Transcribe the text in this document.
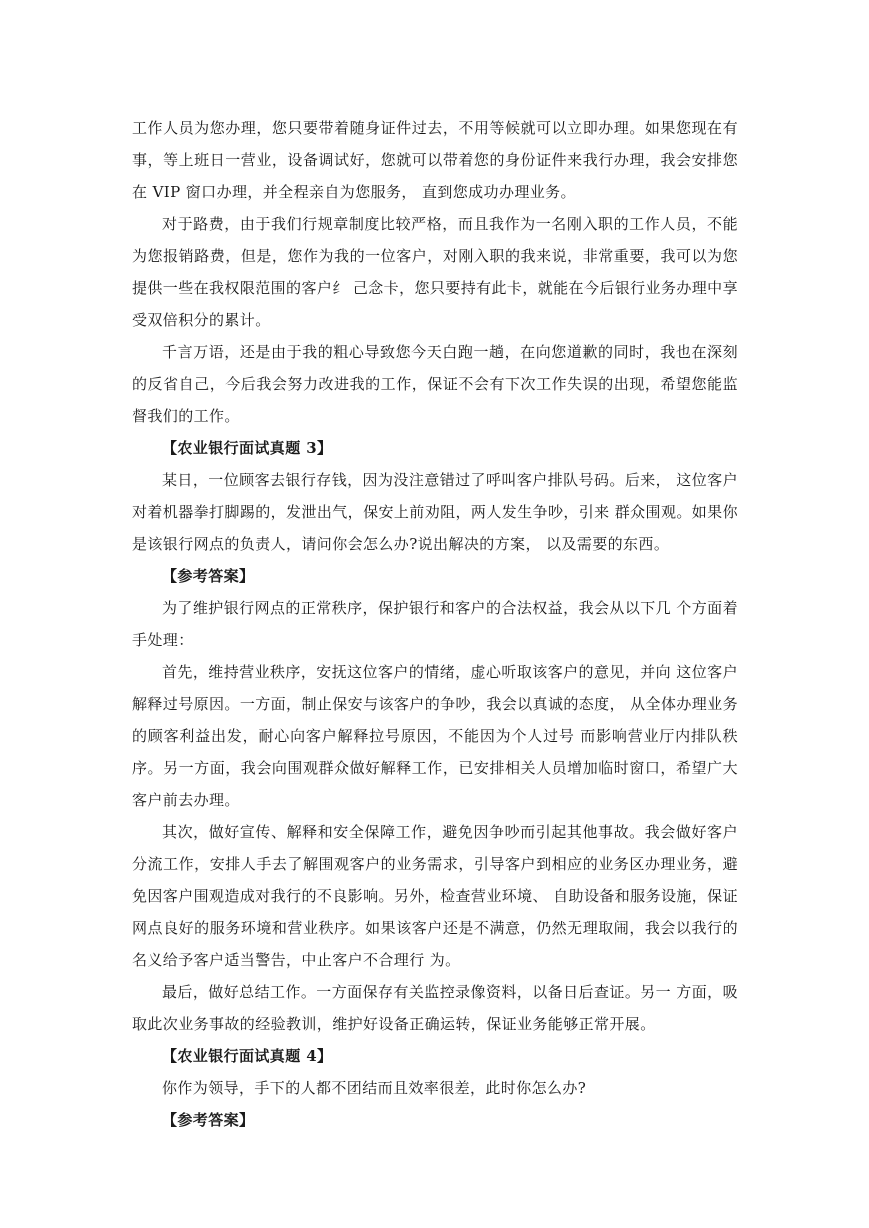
工作人员为您办理，您只要带着随身证件过去，不用等候就可以立即办理。如果您现在有事，等上班日一营业，设备调试好，您就可以带着您的身份证件来我行办理，我会安排您在 VIP 窗口办理，并全程亲自为您服务， 直到您成功办理业务。

对于路费，由于我们行规章制度比较严格，而且我作为一名刚入职的工作人员，不能为您报销路费，但是，您作为我的一位客户，对刚入职的我来说，非常重要，我可以为您提供一些在我权限范围的客户纟 己念卡，您只要持有此卡，就能在今后银行业务办理中享受双倍积分的累计。

千言万语，还是由于我的粗心导致您今天白跑一趟，在向您道歉的同时，我也在深刻的反省自己，今后我会努力改进我的工作，保证不会有下次工作失误的出现，希望您能监督我们的工作。

【农业银行面试真题 3】

某日，一位顾客去银行存钱，因为没注意错过了呼叫客户排队号码。后来， 这位客户对着机器拳打脚踢的，发泄出气，保安上前劝阻，两人发生争吵，引来 群众围观。如果你是该银行网点的负责人，请问你会怎么办?说出解决的方案， 以及需要的东西。

【参考答案】

为了维护银行网点的正常秩序，保护银行和客户的合法权益，我会从以下几 个方面着手处理：

首先，维持营业秩序，安抚这位客户的情绪，虚心听取该客户的意见，并向 这位客户解释过号原因。一方面，制止保安与该客户的争吵，我会以真诚的态度， 从全体办理业务的顾客利益出发，耐心向客户解释拉号原因，不能因为个人过号 而影响营业厅内排队秩序。另一方面，我会向围观群众做好解释工作，已安排相关人员增加临时窗口，希望广大客户前去办理。

其次，做好宣传、解释和安全保障工作，避免因争吵而引起其他事故。我会做好客户分流工作，安排人手去了解围观客户的业务需求，引导客户到相应的业务区办理业务，避免因客户围观造成对我行的不良影响。另外，检查营业环境、 自助设备和服务设施，保证网点良好的服务环境和营业秩序。如果该客户还是不满意，仍然无理取闹，我会以我行的名义给予客户适当警告，中止客户不合理行 为。

最后，做好总结工作。一方面保存有关监控录像资料，以备日后查证。另一 方面，吸取此次业务事故的经验教训，维护好设备正确运转，保证业务能够正常开展。

【农业银行面试真题 4】

你作为领导，手下的人都不团结而且效率很差，此时你怎么办?

【参考答案】
